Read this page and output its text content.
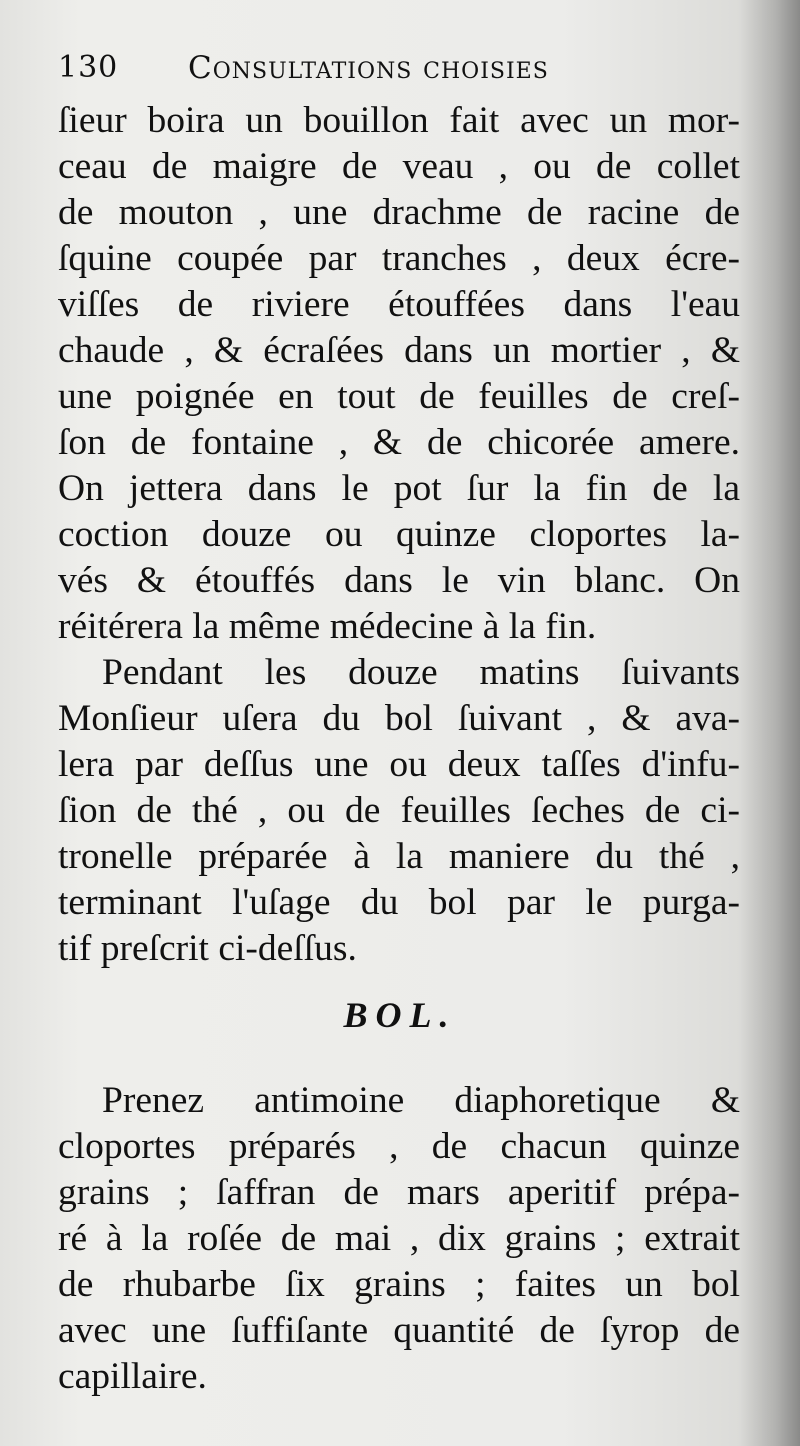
130 Consultations choisies
ſieur boira un bouillon fait avec un mor-
ceau de maigre de veau , ou de collet
de mouton , une drachme de racine de
ſquine coupée par tranches , deux écre-
viſſes de riviere étouffées dans l'eau
chaude , & écraſées dans un mortier , &
une poignée en tout de feuilles de creſ-
ſon de fontaine , & de chicorée amere.
On jettera dans le pot ſur la fin de la
coction douze ou quinze cloportes la-
vés & étouffés dans le vin blanc. On
réitérera la même médecine à la fin.
Pendant les douze matins ſuivants
Monſieur uſera du bol ſuivant , & ava-
lera par deſſus une ou deux taſſes d'infu-
ſion de thé , ou de feuilles ſeches de ci-
tronelle préparée à la maniere du thé ,
terminant l'uſage du bol par le purga-
tif preſcrit ci-deſſus.
BOL.
Prenez antimoine diaphoretique &
cloportes préparés , de chacun quinze
grains ; ſaffran de mars aperitif prépa-
ré à la roſée de mai , dix grains ; extrait
de rhubarbe ſix grains ; faites un bol
avec une ſuffiſante quantité de ſyrop de
capillaire.
